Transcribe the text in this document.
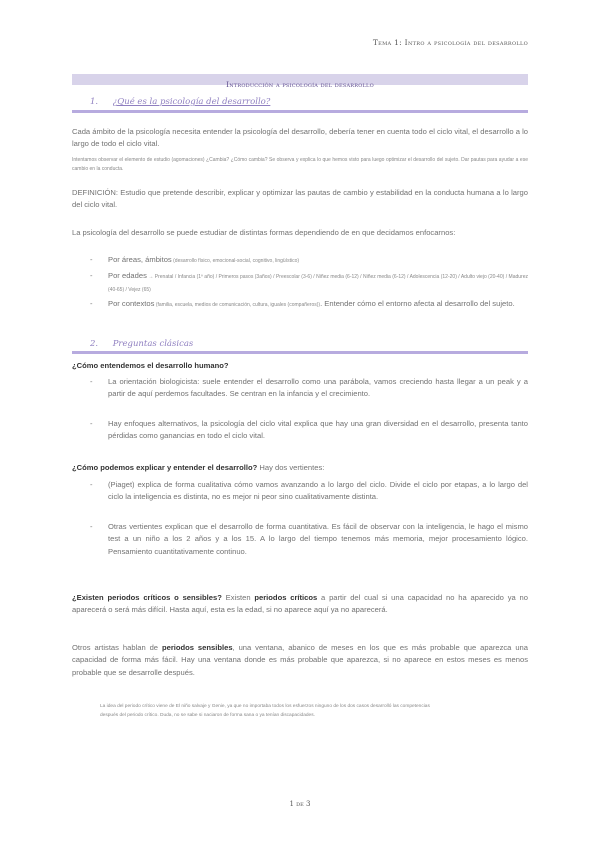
Tema 1: Intro a psicología del desarrollo
Introducción a psicología del desarrollo
1. ¿Qué es la psicología del desarrollo?
Cada ámbito de la psicología necesita entender la psicología del desarrollo, debería tener en cuenta todo el ciclo vital, el desarrollo a lo largo de todo el ciclo vital.
Intentamos observar el elemento de estudio (agomaciones) ¿Cambia? ¿Cómo cambia? Se observa y explica lo que hemos visto para luego optimizar el desarrollo del sujeto. Dar pautas para ayudar a ese cambio en la conducta.
DEFINICIÓN: Estudio que pretende describir, explicar y optimizar las pautas de cambio y estabilidad en la conducta humana a lo largo del ciclo vital.
La psicología del desarrollo se puede estudiar de distintas formas dependiendo de en que decidamos enfocarnos:
- Por áreas, ámbitos (desarrollo físico, emocional-social, cognitivo, lingüístico)
- Por edades → Prenatal / Infancia (1º año) / Primeros pasos (3años) / Preescolar (3-6) / Niñez media (6-12) / Niñez media (6-12) / Adolescencia (12-20) / Adulto viejo (20-40) / Madurez (40-65) / Vejez (65)
- Por contextos (familia, escuela, medios de comunicación, cultura, iguales (compañeros)). Entender cómo el entorno afecta al desarrollo del sujeto.
2. Preguntas clásicas
¿Cómo entendemos el desarrollo humano?
- La orientación biologicista: suele entender el desarrollo como una parábola, vamos creciendo hasta llegar a un peak y a partir de aquí perdemos facultades. Se centran en la infancia y el crecimiento.
- Hay enfoques alternativos, la psicología del ciclo vital explica que hay una gran diversidad en el desarrollo, presenta tanto pérdidas como ganancias en todo el ciclo vital.
¿Cómo podemos explicar y entender el desarrollo? Hay dos vertientes:
- (Piaget) explica de forma cualitativa cómo vamos avanzando a lo largo del ciclo. Divide el ciclo por etapas, a lo largo del ciclo la inteligencia es distinta, no es mejor ni peor sino cualitativamente distinta.
- Otras vertientes explican que el desarrollo de forma cuantitativa. Es fácil de observar con la inteligencia, le hago el mismo test a un niño a los 2 años y a los 15. A lo largo del tiempo tenemos más memoria, mejor procesamiento lógico. Pensamiento cuantitativamente continuo.
¿Existen periodos críticos o sensibles? Existen periodos críticos a partir del cual si una capacidad no ha aparecido ya no aparecerá o será más difícil. Hasta aquí, esta es la edad, si no aparece aquí ya no aparecerá.
Otros artistas hablan de periodos sensibles, una ventana, abanico de meses en los que es más probable que aparezca una capacidad de forma más fácil. Hay una ventana donde es más probable que aparezca, si no aparece en estos meses es menos probable que se desarrolle después.
La idea del periodo crítico viene de El niño salvaje y Genie, ya que no importaba todos los esfuerzos ninguno de los dos casos desarrolló las competencias después del periodo crítico. Duda, no se sabe si naciaron de forma sana o ya tenían discapacidades.
1 de 3
